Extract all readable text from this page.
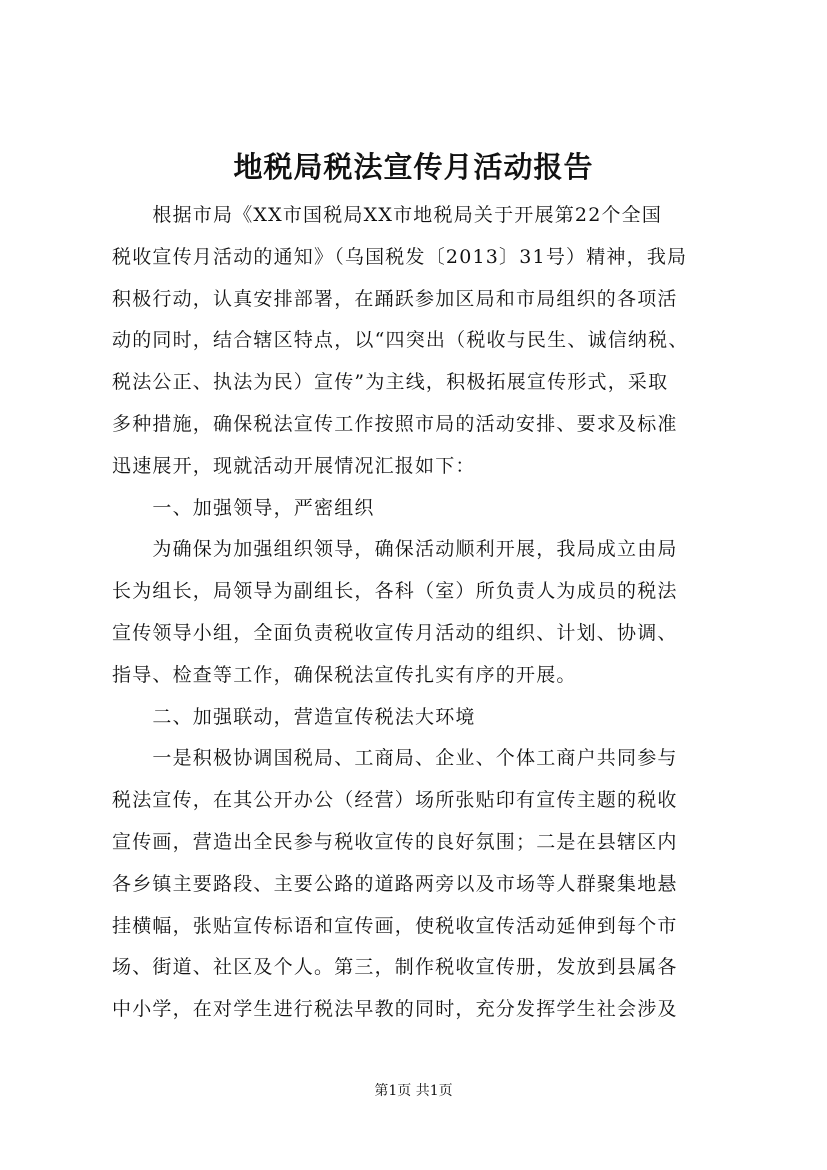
地税局税法宣传月活动报告
　　根据市局《XX市国税局XX市地税局关于开展第22个全国
税收宣传月活动的通知》（乌国税发〔2013〕31号）精神，我局
积极行动，认真安排部署，在踊跃参加区局和市局组织的各项活
动的同时，结合辖区特点，以“四突出（税收与民生、诚信纳税、
税法公正、执法为民）宣传”为主线，积极拓展宣传形式，采取
多种措施，确保税法宣传工作按照市局的活动安排、要求及标准
迅速展开，现就活动开展情况汇报如下：
　　一、加强领导，严密组织
　　为确保为加强组织领导，确保活动顺利开展，我局成立由局
长为组长，局领导为副组长，各科（室）所负责人为成员的税法
宣传领导小组，全面负责税收宣传月活动的组织、计划、协调、
指导、检查等工作，确保税法宣传扎实有序的开展。
　　二、加强联动，营造宣传税法大环境
　　一是积极协调国税局、工商局、企业、个体工商户共同参与
税法宣传，在其公开办公（经营）场所张贴印有宣传主题的税收
宣传画，营造出全民参与税收宣传的良好氛围；二是在县辖区内
各乡镇主要路段、主要公路的道路两旁以及市场等人群聚集地悬
挂横幅，张贴宣传标语和宣传画，使税收宣传活动延伸到每个市
场、街道、社区及个人。第三，制作税收宣传册，发放到县属各
中小学，在对学生进行税法早教的同时，充分发挥学生社会涉及
第1页 共1页
